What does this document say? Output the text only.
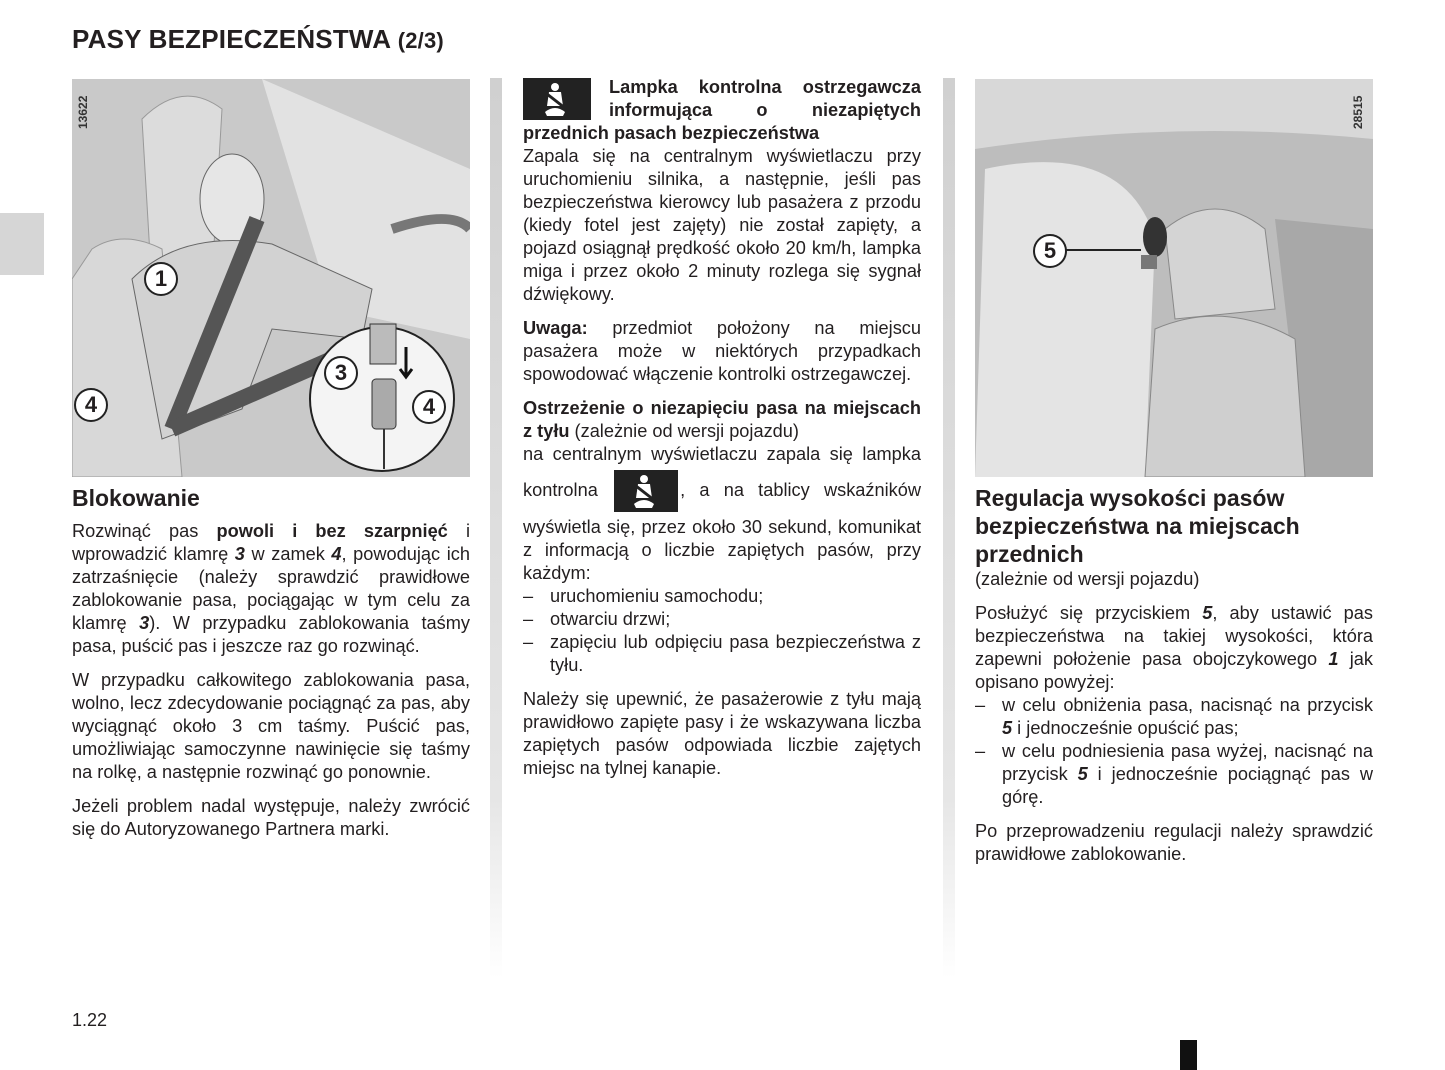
PASY BEZPIECZEŃSTWA (2/3)
13622
1
3
4	4
28515
5
Blokowanie

Rozwinąć pas powoli i bez szarpnięć i wprowadzić klamrę 3 w zamek 4, powodując ich zatrzaśnięcie (należy sprawdzić prawidłowe zablokowanie pasa, pociągając w tym celu za klamrę 3). W przypadku zablokowania taśmy pasa, puścić pas i jeszcze raz go rozwinąć.

W przypadku całkowitego zablokowania pasa, wolno, lecz zdecydowanie pociągnąć za pas, aby wyciągnąć około 3 cm taśmy. Puścić pas, umożliwiając samoczynne nawinięcie się taśmy na rolkę, a następnie rozwinąć go ponownie.

Jeżeli problem nadal występuje, należy zwrócić się do Autoryzowanego Partnera marki.

Lampka kontrolna ostrzegawcza informująca o niezapiętych przednich pasach bezpieczeństwa

Zapala się na centralnym wyświetlaczu przy uruchomieniu silnika, a następnie, jeśli pas bezpieczeństwa kierowcy lub pasażera z przodu (kiedy fotel jest zajęty) nie został zapięty, a pojazd osiągnął prędkość około 20 km/h, lampka miga i przez około 2 minuty rozlega się sygnał dźwiękowy.

Uwaga: przedmiot położony na miejscu pasażera może w niektórych przypadkach spowodować włączenie kontrolki ostrzegawczej.

Ostrzeżenie o niezapięciu pasa na miejscach z tyłu (zależnie od wersji pojazdu)
na centralnym wyświetlaczu zapala się lampka kontrolna	, a na tablicy wskaźników wyświetla się, przez około 30 sekund, komunikat z informacją o liczbie zapiętych pasów, przy każdym:

– uruchomieniu samochodu;
– otwarciu drzwi;
– zapięciu lub odpięciu pasa bezpieczeństwa z tyłu.

Należy się upewnić, że pasażerowie z tyłu mają prawidłowo zapięte pasy i że wskazywana liczba zapiętych pasów odpowiada liczbie zajętych miejsc na tylnej kanapie.

Regulacja wysokości pasów bezpieczeństwa na miejscach przednich

(zależnie od wersji pojazdu)

Posłużyć się przyciskiem 5, aby ustawić pas bezpieczeństwa na takiej wysokości, która zapewni położenie pasa obojczykowego 1 jak opisano powyżej:

– w celu obniżenia pasa, nacisnąć na przycisk 5 i jednocześnie opuścić pas;
– w celu podniesienia pasa wyżej, nacisnąć na przycisk 5 i jednocześnie pociągnąć pas w górę.

Po przeprowadzeniu regulacji należy sprawdzić prawidłowe zablokowanie.

1.22
